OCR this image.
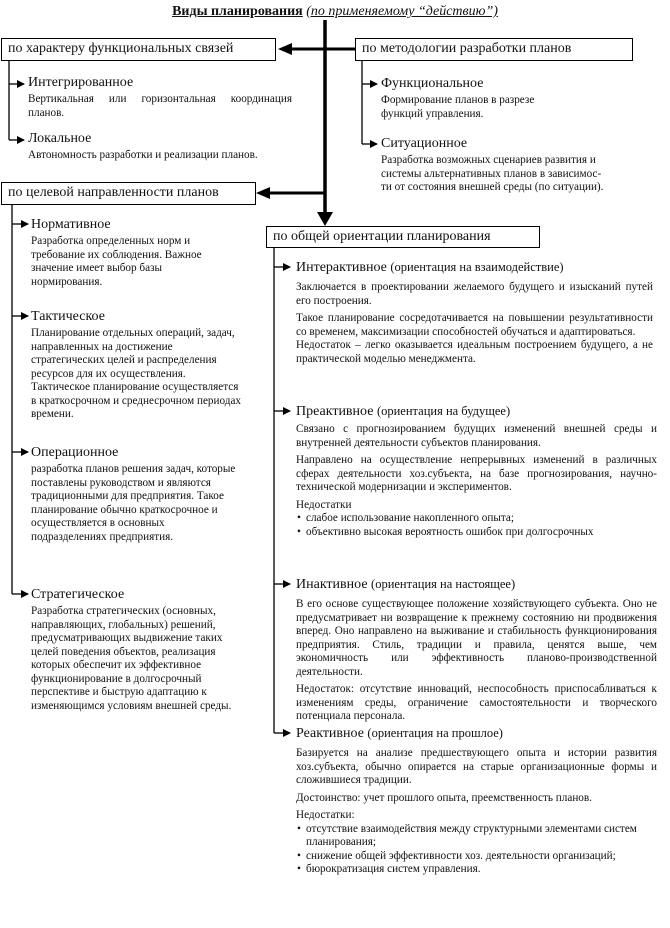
Виды планирования (по применяемому “действию”)
по характеру функциональных связей	по методологии разработки планов
по целевой направленности планов
по общей ориентации планирования
Интегрированное
Вертикальная или горизонтальная координация планов.
Локальное
Автономность разработки и реализации планов.
Функциональное
Формирование планов в разрезе
функций управления.
Ситуационное
Разработка возможных сценариев развития и
системы альтернативных планов в зависимос-
ти от состояния внешней среды (по ситуации).
Нормативное
Разработка определенных норм и требование их соблюдения. Важное значение имеет выбор базы нормирования.
Тактическое
Планирование отдельных операций, задач, направленных на достижение стратегических целей и распределения ресурсов для их осуществления. Тактическое планирование осуществляется в краткосрочном и среднесрочном периодах времени.
Операционное
разработка планов решения задач, которые поставлены руководством и являются традиционными для предприятия. Такое планирование обычно краткосрочное и осуществляется в основных подразделениях предприятия.
Стратегическое
Разработка стратегических (основных, направляющих, глобальных) решений, предусматривающих выдвижение таких целей поведения объектов, реализация которых обеспечит их эффективное функционирование в долгосрочный перспективе и быструю адаптацию к изменяющимся условиям внешней среды.
Интерактивное (ориентация на взаимодействие)
Заключается в проектировании желаемого будущего и изысканий путей его построения.
Такое планирование сосредотачивается на повышении результативности со временем, максимизации способностей обучаться и адаптироваться.
Недостаток – легко оказывается идеальным построением будущего, а не практической моделью менеджмента.
Преактивное (ориентация на будущее)
Связано с прогнозированием будущих изменений внешней среды и внутренней деятельности субъектов планирования.
Направлено на осуществление непрерывных изменений в различных сферах деятельности хоз.субъекта, на базе прогнозирования, научно-технической модернизации и экспериментов.
Недостатки
• слабое использование накопленного опыта;
• объективно высокая вероятность ошибок при долгосрочных
Инактивное (ориентация на настоящее)
В его основе существующее положение хозяйствующего субъекта. Оно не предусматривает ни возвращение к прежнему состоянию ни продвижения вперед. Оно направлено на выживание и стабильность функционирования предприятия. Стиль, традиции и правила, ценятся выше, чем экономичность или эффективность планово-производственной деятельности.
Недостаток: отсутствие инноваций, неспособность приспосабливаться к изменениям среды, ограничение самостоятельности и творческого потенциала персонала.
Реактивное (ориентация на прошлое)
Базируется на анализе предшествующего опыта и истории развития хоз.субъекта, обычно опирается на старые организационные формы и сложившиеся традиции.
Достоинство: учет прошлого опыта, преемственность планов.
Недостатки:
• отсутствие взаимодействия между структурными элементами систем планирования;
• снижение общей эффективности хоз. деятельности организаций;
• бюрократизация систем управления.
